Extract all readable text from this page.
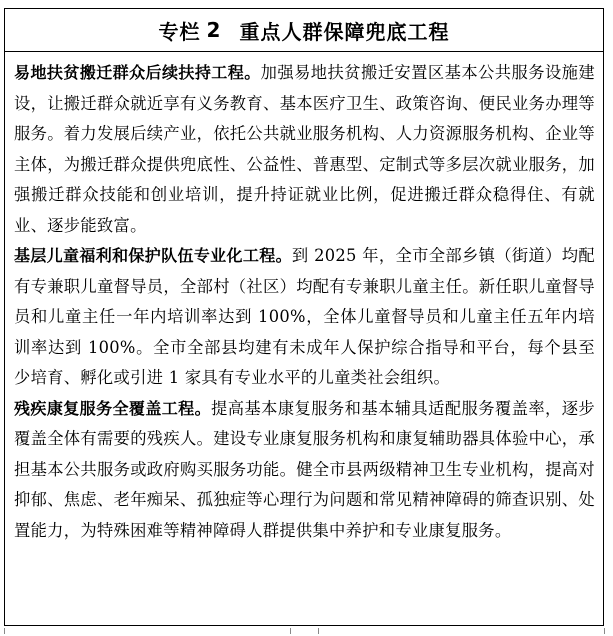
专栏 2 重点人群保障兜底工程

易地扶贫搬迁群众后续扶持工程。加强易地扶贫搬迁安置区基本公共服务设施建设，让搬迁群众就近享有义务教育、基本医疗卫生、政策咨询、便民业务办理等服务。着力发展后续产业，依托公共就业服务机构、人力资源服务机构、企业等主体，为搬迁群众提供兜底性、公益性、普惠型、定制式等多层次就业服务，加强搬迁群众技能和创业培训，提升持证就业比例，促进搬迁群众稳得住、有就业、逐步能致富。

基层儿童福利和保护队伍专业化工程。到 2025 年，全市全部乡镇（街道）均配有专兼职儿童督导员，全部村（社区）均配有专兼职儿童主任。新任职儿童督导员和儿童主任一年内培训率达到 100%，全体儿童督导员和儿童主任五年内培训率达到 100%。全市全部县均建有未成年人保护综合指导和平台，每个县至少培育、孵化或引进 1 家具有专业水平的儿童类社会组织。

残疾康复服务全覆盖工程。提高基本康复服务和基本辅具适配服务覆盖率，逐步覆盖全体有需要的残疾人。建设专业康复服务机构和康复辅助器具体验中心，承担基本公共服务或政府购买服务功能。健全市县两级精神卫生专业机构，提高对抑郁、焦虑、老年痴呆、孤独症等心理行为问题和常见精神障碍的筛查识别、处置能力，为特殊困难等精神障碍人群提供集中养护和专业康复服务。
